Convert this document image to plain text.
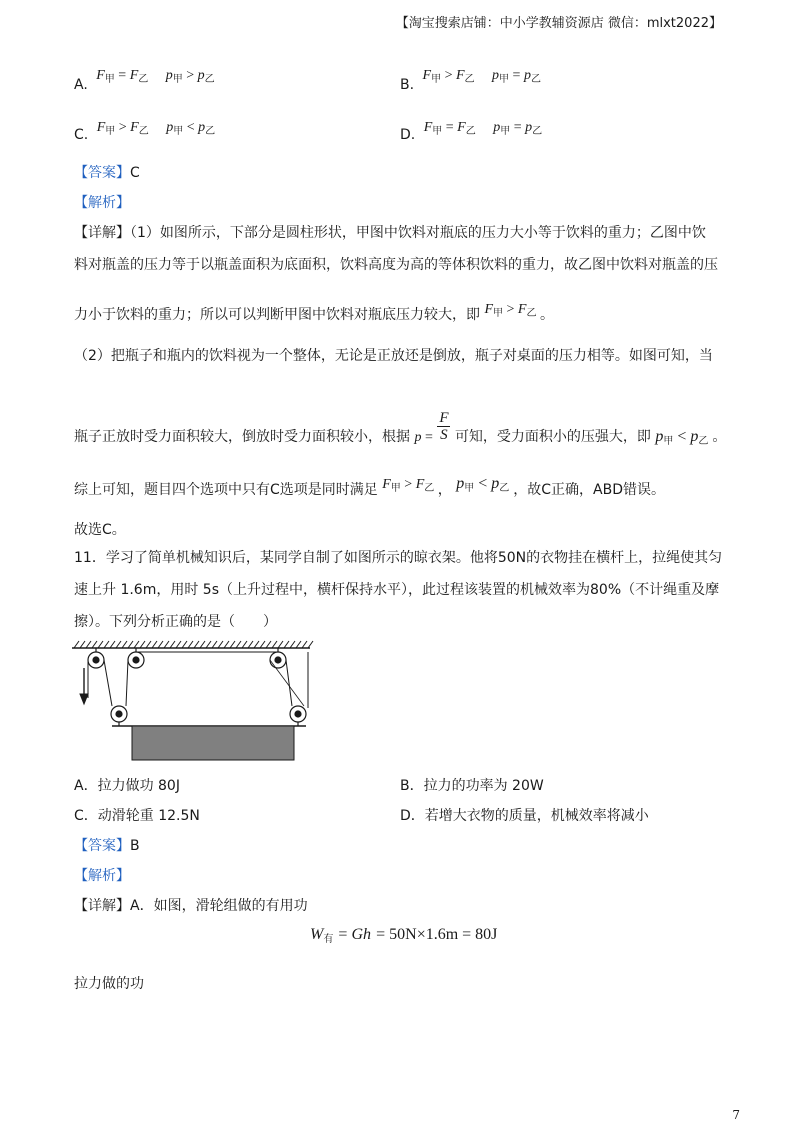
【淘宝搜索店铺：中小学教辅资源店 微信：mlxt2022】
A. $F_甲 = F_乙$ $p_甲 > p_乙$	B. $F_甲 > F_乙$ $p_甲 = p_乙$
C. $F_甲 > F_乙$ $p_甲 < p_乙$	D. $F_甲 = F_乙$ $p_甲 = p_乙$
【答案】C
【解析】
【详解】（1）如图所示，下部分是圆柱形状，甲图中饮料对瓶底的压力大小等于饮料的重力；乙图中饮
料对瓶盖的压力等于以瓶盖面积为底面积，饮料高度为高的等体积饮料的重力，故乙图中饮料对瓶盖的压
力小于饮料的重力；所以可以判断甲图中饮料对瓶底压力较大，即 $F_甲 > F_乙$ 。
（2）把瓶子和瓶内的饮料视为一个整体，无论是正放还是倒放，瓶子对桌面的压力相等。如图可知，当
瓶子正放时受力面积较大，倒放时受力面积较小，根据 $p = \frac{F}{S}$ 可知，受力面积小的压强大，即 $p_甲 < p_乙$ 。
综上可知，题目四个选项中只有C选项是同时满足 $F_甲 > F_乙$ ， $p_甲 < p_乙$ ，故C正确，ABD错误。
故选C。
11．学习了简单机械知识后，某同学自制了如图所示的晾衣架。他将50N的衣物挂在横杆上，拉绳使其匀
速上升 1.6m，用时 5s（上升过程中，横杆保持水平），此过程该装置的机械效率为80%（不计绳重及摩
擦）。下列分析正确的是（　　）
A．拉力做功 80J	B．拉力的功率为 20W
C．动滑轮重 12.5N	D．若增大衣物的质量，机械效率将减小
【答案】B
【解析】
【详解】A．如图，滑轮组做的有用功
$W_有 = Gh = 50N\times 1.6m = 80J$
拉力做的功
7
